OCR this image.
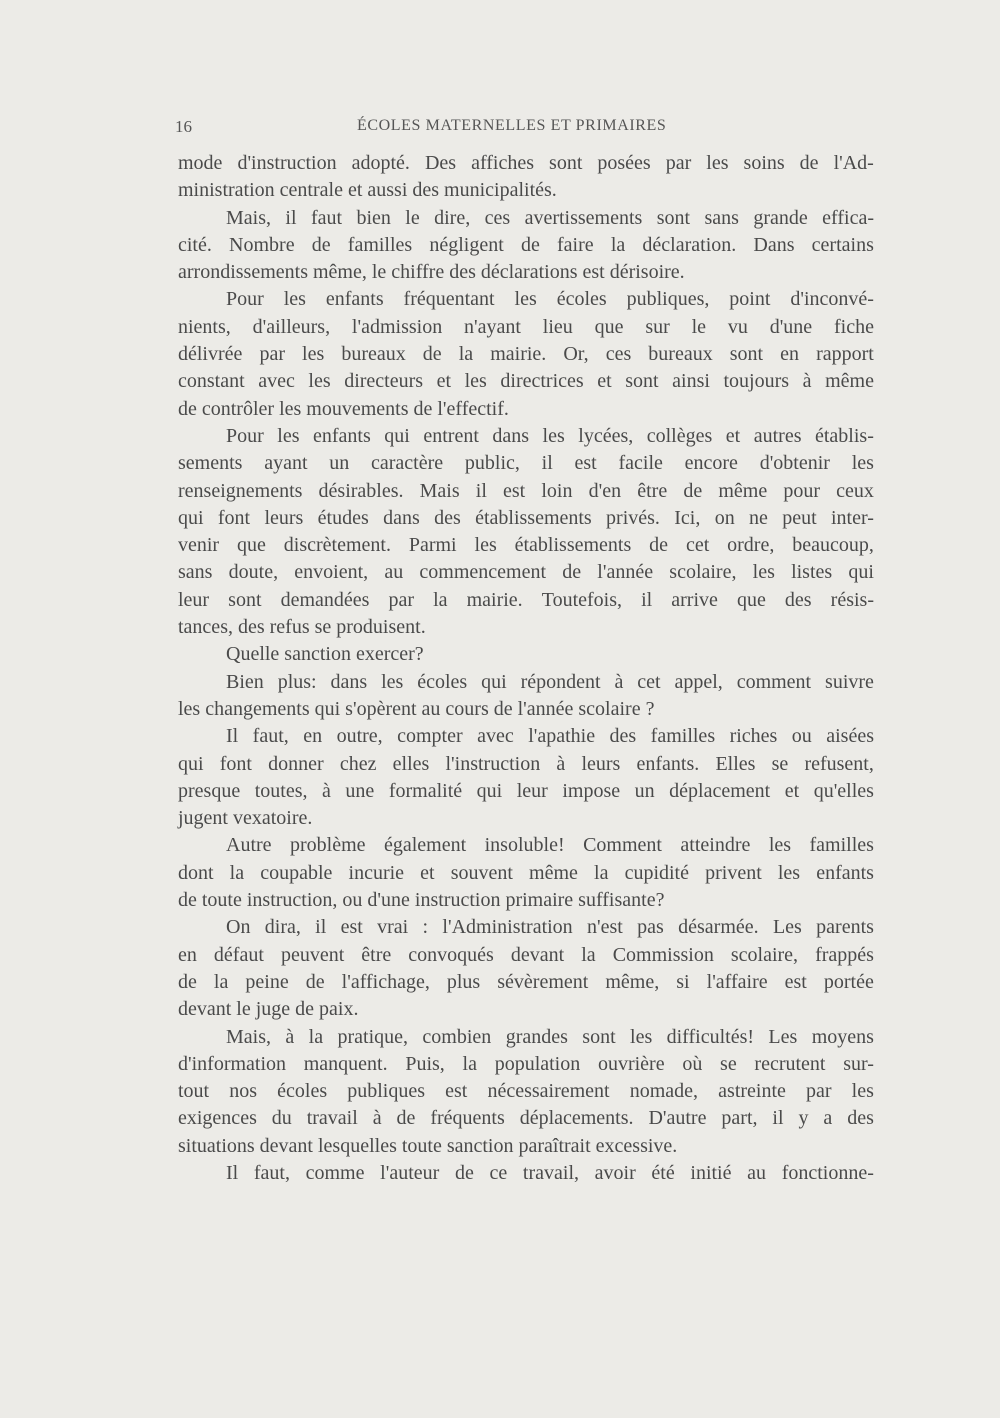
16	ÉCOLES MATERNELLES ET PRIMAIRES
mode d'instruction adopté. Des affiches sont posées par les soins de l'Ad-
ministration centrale et aussi des municipalités.
Mais, il faut bien le dire, ces avertissements sont sans grande effica-
cité. Nombre de familles négligent de faire la déclaration. Dans certains
arrondissements même, le chiffre des déclarations est dérisoire.
Pour les enfants fréquentant les écoles publiques, point d'inconvé-
nients, d'ailleurs, l'admission n'ayant lieu que sur le vu d'une fiche
délivrée par les bureaux de la mairie. Or, ces bureaux sont en rapport
constant avec les directeurs et les directrices et sont ainsi toujours à même
de contrôler les mouvements de l'effectif.
Pour les enfants qui entrent dans les lycées, collèges et autres établis-
sements ayant un caractère public, il est facile encore d'obtenir les
renseignements désirables. Mais il est loin d'en être de même pour ceux
qui font leurs études dans des établissements privés. Ici, on ne peut inter-
venir que discrètement. Parmi les établissements de cet ordre, beaucoup,
sans doute, envoient, au commencement de l'année scolaire, les listes qui
leur sont demandées par la mairie. Toutefois, il arrive que des résis-
tances, des refus se produisent.
Quelle sanction exercer?
Bien plus: dans les écoles qui répondent à cet appel, comment suivre
les changements qui s'opèrent au cours de l'année scolaire ?
Il faut, en outre, compter avec l'apathie des familles riches ou aisées
qui font donner chez elles l'instruction à leurs enfants. Elles se refusent,
presque toutes, à une formalité qui leur impose un déplacement et qu'elles
jugent vexatoire.
Autre problème également insoluble! Comment atteindre les familles
dont la coupable incurie et souvent même la cupidité privent les enfants
de toute instruction, ou d'une instruction primaire suffisante?
On dira, il est vrai : l'Administration n'est pas désarmée. Les parents
en défaut peuvent être convoqués devant la Commission scolaire, frappés
de la peine de l'affichage, plus sévèrement même, si l'affaire est portée
devant le juge de paix.
Mais, à la pratique, combien grandes sont les difficultés! Les moyens
d'information manquent. Puis, la population ouvrière où se recrutent sur-
tout nos écoles publiques est nécessairement nomade, astreinte par les
exigences du travail à de fréquents déplacements. D'autre part, il y a des
situations devant lesquelles toute sanction paraîtrait excessive.
Il faut, comme l'auteur de ce travail, avoir été initié au fonctionne-
